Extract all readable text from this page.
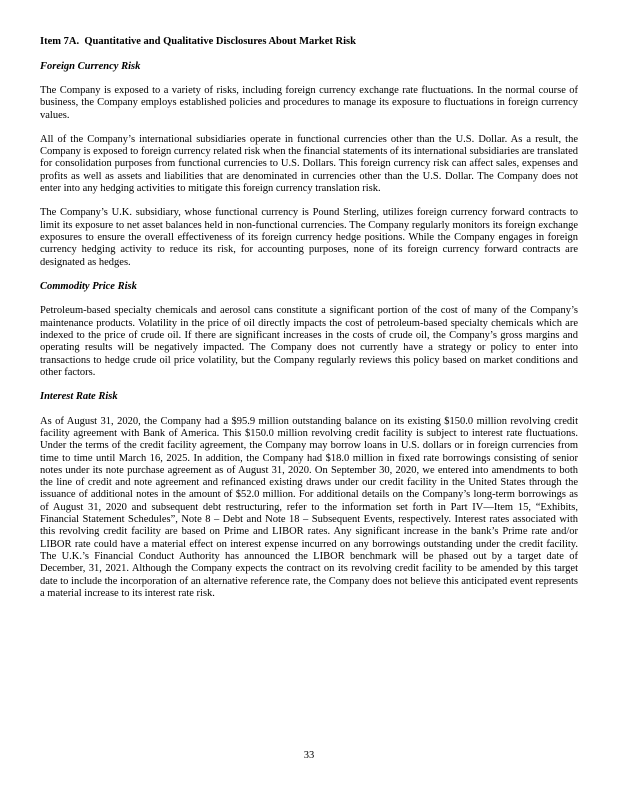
Item 7A.  Quantitative and Qualitative Disclosures About Market Risk
Foreign Currency Risk

The Company is exposed to a variety of risks, including foreign currency exchange rate fluctuations. In the normal course of business, the Company employs established policies and procedures to manage its exposure to fluctuations in foreign currency values.

All of the Company’s international subsidiaries operate in functional currencies other than the U.S. Dollar. As a result, the Company is exposed to foreign currency related risk when the financial statements of its international subsidiaries are translated for consolidation purposes from functional currencies to U.S. Dollars. This foreign currency risk can affect sales, expenses and profits as well as assets and liabilities that are denominated in currencies other than the U.S. Dollar. The Company does not enter into any hedging activities to mitigate this foreign currency translation risk.

The Company’s U.K. subsidiary, whose functional currency is Pound Sterling, utilizes foreign currency forward contracts to limit its exposure to net asset balances held in non-functional currencies. The Company regularly monitors its foreign exchange exposures to ensure the overall effectiveness of its foreign currency hedge positions. While the Company engages in foreign currency hedging activity to reduce its risk, for accounting purposes, none of its foreign currency forward contracts are designated as hedges.

Commodity Price Risk

Petroleum-based specialty chemicals and aerosol cans constitute a significant portion of the cost of many of the Company’s maintenance products. Volatility in the price of oil directly impacts the cost of petroleum-based specialty chemicals which are indexed to the price of crude oil. If there are significant increases in the costs of crude oil, the Company’s gross margins and operating results will be negatively impacted. The Company does not currently have a strategy or policy to enter into transactions to hedge crude oil price volatility, but the Company regularly reviews this policy based on market conditions and other factors.

Interest Rate Risk

As of August 31, 2020, the Company had a $95.9 million outstanding balance on its existing $150.0 million revolving credit facility agreement with Bank of America. This $150.0 million revolving credit facility is subject to interest rate fluctuations. Under the terms of the credit facility agreement, the Company may borrow loans in U.S. dollars or in foreign currencies from time to time until March 16, 2025. In addition, the Company had $18.0 million in fixed rate borrowings consisting of senior notes under its note purchase agreement as of August 31, 2020. On September 30, 2020, we entered into amendments to both the line of credit and note agreement and refinanced existing draws under our credit facility in the United States through the issuance of additional notes in the amount of $52.0 million. For additional details on the Company’s long-term borrowings as of August 31, 2020 and subsequent debt restructuring, refer to the information set forth in Part IV—Item 15, “Exhibits, Financial Statement Schedules”, Note 8 – Debt and Note 18 – Subsequent Events, respectively. Interest rates associated with this revolving credit facility are based on Prime and LIBOR rates. Any significant increase in the bank’s Prime rate and/or LIBOR rate could have a material effect on interest expense incurred on any borrowings outstanding under the credit facility. The U.K.’s Financial Conduct Authority has announced the LIBOR benchmark will be phased out by a target date of December, 31, 2021. Although the Company expects the contract on its revolving credit facility to be amended by this target date to include the incorporation of an alternative reference rate, the Company does not believe this anticipated event represents a material increase to its interest rate risk.

33
